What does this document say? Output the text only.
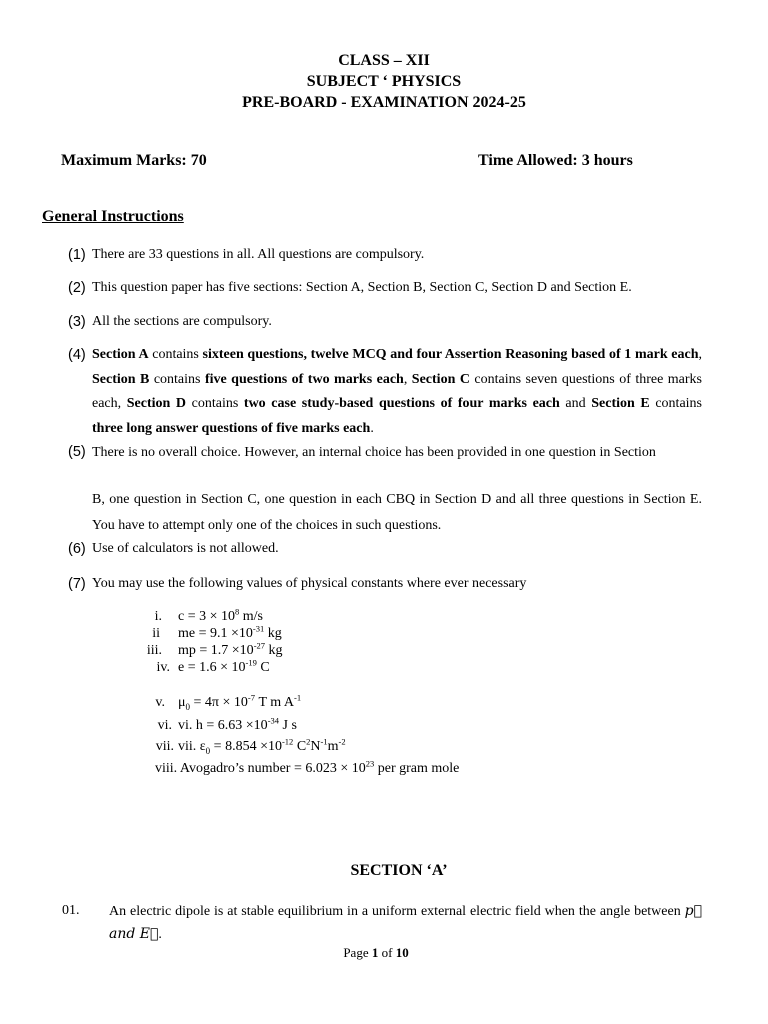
CLASS – XII
SUBJECT ‘ PHYSICS
PRE-BOARD - EXAMINATION 2024-25
Maximum Marks: 70	Time Allowed: 3 hours
General Instructions
(1) There are 33 questions in all. All questions are compulsory.
(2) This question paper has five sections: Section A, Section B, Section C, Section D and Section E.
(3) All the sections are compulsory.
(4) Section A contains sixteen questions, twelve MCQ and four Assertion Reasoning based of 1 mark each, Section B contains five questions of two marks each, Section C contains seven questions of three marks each, Section D contains two case study-based questions of four marks each and Section E contains three long answer questions of five marks each.
(5) There is no overall choice. However, an internal choice has been provided in one question in Section
B, one question in Section C, one question in each CBQ in Section D and all three questions in Section E. You have to attempt only one of the choices in such questions.
(6) Use of calculators is not allowed.
(7) You may use the following values of physical constants where ever necessary
i. $c = 3 \times 10^8$ m/s
ii me = $9.1 \times 10^{-31}$ kg
iii. mp = $1.7 \times 10^{-27}$ kg
iv. $e = 1.6 \times 10^{-19}$ C
v. $\mu_0 = 4\pi \times 10^{-7}$ T m $A^{-1}$
vi. vi. $h = 6.63 \times 10^{-34}$ J s
vii. vii. $\varepsilon_0 = 8.854 \times 10^{-12}$ $C^2N^{-1}m^{-2}$
viii. Avogadro’s number = $6.023 \times 10^{23}$ per gram mole
SECTION ‘A’
01. An electric dipole is at stable equilibrium in a uniform external electric field when the angle between p⃗ and E⃗.
Page 1 of 10
